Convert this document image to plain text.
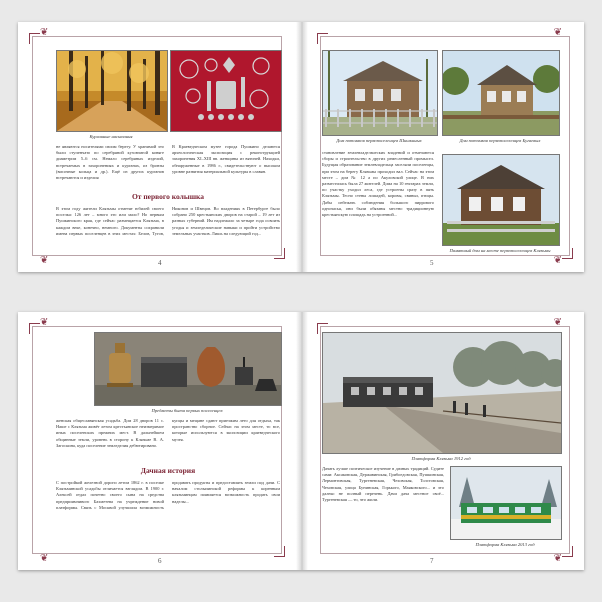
❦
❦
Курганные насыпания
не являются носителями своим берегу. У хранимой это были ступенчато по серебряной кузовчатой коняге диаметром 5–6 см. Немало серебряных изделий, встречаемых в захоронениях и курганах, из бронзы (височные кольца и др.). Ещё из других курганов встречаются и изделия
В Краеведческом музее города Пушкино делаются археологическая экспозиция с реконструкцией захоронения XI–XIII вв. женщины из вятичей. Находки, обнаруженные в 1986 г., свидетельствуют о высоком уровне развития материальной культуры в славян.
От первого колышка
В этом году жители Клязьмы отметят юбилей своего поселка: 126 лет – много это или мало? Но первым Пушкинского края, где сейчас размещается Клязьма, в каждом веке, конечно, немного. Документы сохранили имена первых поселенцев в этих местах: Белов, Тугов, Никонов и Швецов. Во владениях в Петербурге было собрано 250 крестьянских дворов на старой – 19 лет из разных губерний. Им надлежало за четыре года освоить угодья и земледельческие навыки и пройти устройство земельных участков. Лишь на следующий год...
4
❦
❦
Дом потомков первопоселенцев Шишкиных	Дом потомков первопоселенцев Бугаевых
становление землевладельческих владений и отмечаются сборы и строительство в других ремесленный промысел. Будущая образование землевладельца заселяли поселенцы, при этом на берегу Клязьмы проходил вал. Сейчас на этом месте – дом № 12 а по Акуловской улице. В них разместилась была 27 жителей. Дома на 10 гектарах земли, по участку уходил леса, где устроены сразу в пять Клязьмы. Тесно стены лошадей, коровы, свиньи, птицы. Дабы избежать соблюдения большого пиррового одночасья, они были обязаны местно традиционную крестьянскую площадь на устроенной...
Памятный дом на месте первопоселенцев Клязьмы
5
❦
❦
Предметы быта первых поселенцев
женская общеславянская усадьба. Дом 28 дворов 11 с. Наше с Клязьма живёт летом крестьянское неизмеримое иных поселенских прежних мест. В дальнейшем общинные земли, уровень в сторону к Клязьме В. А. Загоскина, куда поселение земледелия дебютировано.
купцы и мещане сдают приезжим лето для отдыха, так пространство сборное. Сейчас на этом месте, то все, которые используются в экспозиции краеведческого музея.
Дачная история
С постройкой железной дороги летом 1862 г. в поселке Клязьминской усадьбы отличается взглядом. В 1900 г. Алексей отдал почетно своего сына на средства предприимчивого Бахметева на учреждение новой платформы. Связь с Москвой улучшила возможность продавать продукты и предоставлять земли под дачи. С началом столыпинской реформы к коренным клязьминцам появляется возможность продать свои наделы...
6
❦
❦
Платформа Клязьма 1912 год
Дачать лучше поэтическое изучение в дачных традиций. Судите сами: Аксаковская, Державинская, Грибоедовская, Пушкинская, Лермонтовская, Тургеневская, Чеховская, Толстовская, Чеховская, улица Бунинская, Горького, Маяковского... и это далеко не полный перечень. Дачи дача местное своё... Тургеневская — то, что жили.
Платформа Клязьма 2013 год
7
